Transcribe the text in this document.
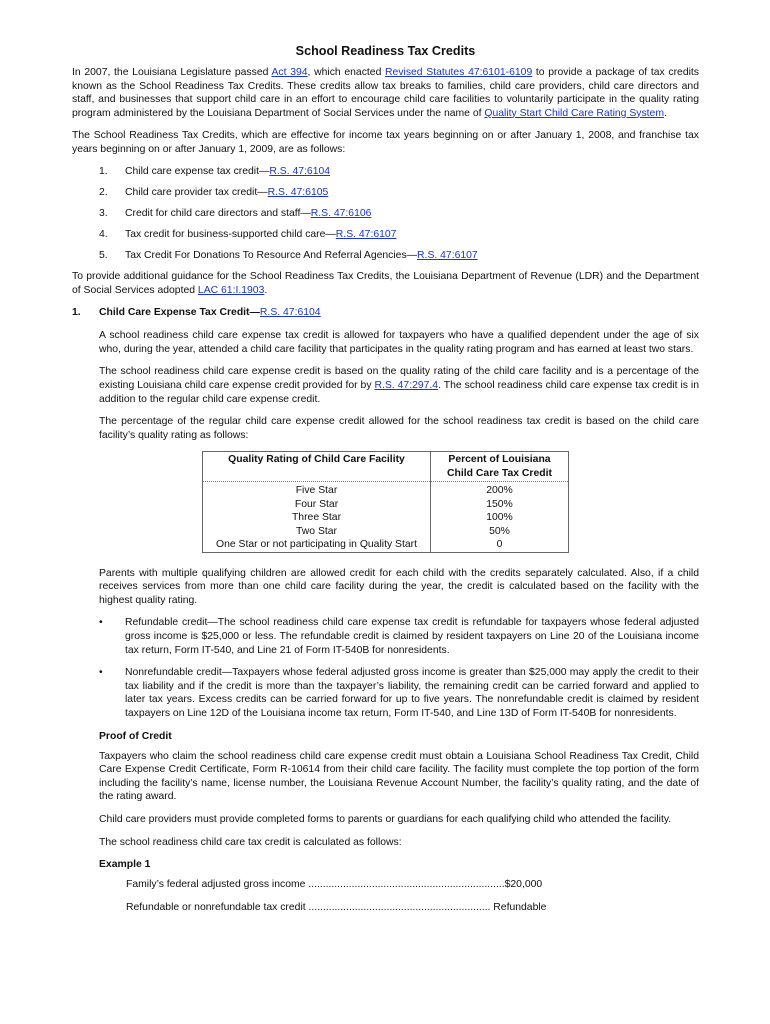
School Readiness Tax Credits

In 2007, the Louisiana Legislature passed Act 394, which enacted Revised Statutes 47:6101-6109 to provide a package of tax credits known as the School Readiness Tax Credits. These credits allow tax breaks to families, child care providers, child care directors and staff, and businesses that support child care in an effort to encourage child care facilities to voluntarily participate in the quality rating program administered by the Louisiana Department of Social Services under the name of Quality Start Child Care Rating System.

The School Readiness Tax Credits, which are effective for income tax years beginning on or after January 1, 2008, and franchise tax years beginning on or after January 1, 2009, are as follows:

1. Child care expense tax credit—R.S. 47:6104
2. Child care provider tax credit—R.S. 47:6105
3. Credit for child care directors and staff—R.S. 47:6106
4. Tax credit for business-supported child care—R.S. 47:6107
5. Tax Credit For Donations To Resource And Referral Agencies—R.S. 47:6107

To provide additional guidance for the School Readiness Tax Credits, the Louisiana Department of Revenue (LDR) and the Department of Social Services adopted LAC 61:I.1903.

1. Child Care Expense Tax Credit—R.S. 47:6104

A school readiness child care expense tax credit is allowed for taxpayers who have a qualified dependent under the age of six who, during the year, attended a child care facility that participates in the quality rating program and has earned at least two stars.

The school readiness child care expense credit is based on the quality rating of the child care facility and is a percentage of the existing Louisiana child care expense credit provided for by R.S. 47:297.4. The school readiness child care expense tax credit is in addition to the regular child care expense credit.

The percentage of the regular child care expense credit allowed for the school readiness tax credit is based on the child care facility’s quality rating as follows:

Quality Rating of Child Care Facility	Percent of Louisiana Child Care Tax Credit
Five Star	200%
Four Star	150%
Three Star	100%
Two Star	50%
One Star or not participating in Quality Start	0

Parents with multiple qualifying children are allowed credit for each child with the credits separately calculated. Also, if a child receives services from more than one child care facility during the year, the credit is calculated based on the facility with the highest quality rating.

• Refundable credit—The school readiness child care expense tax credit is refundable for taxpayers whose federal adjusted gross income is $25,000 or less. The refundable credit is claimed by resident taxpayers on Line 20 of the Louisiana income tax return, Form IT-540, and Line 21 of Form IT-540B for nonresidents.
• Nonrefundable credit—Taxpayers whose federal adjusted gross income is greater than $25,000 may apply the credit to their tax liability and if the credit is more than the taxpayer’s liability, the remaining credit can be carried forward and applied to later tax years. Excess credits can be carried forward for up to five years. The nonrefundable credit is claimed by resident taxpayers on Line 12D of the Louisiana income tax return, Form IT-540, and Line 13D of Form IT-540B for nonresidents.
Proof of Credit

Taxpayers who claim the school readiness child care expense credit must obtain a Louisiana School Readiness Tax Credit, Child Care Expense Credit Certificate, Form R-10614 from their child care facility. The facility must complete the top portion of the form including the facility’s name, license number, the Louisiana Revenue Account Number, the facility’s quality rating, and the date of the rating award.

Child care providers must provide completed forms to parents or guardians for each qualifying child who attended the facility.

The school readiness child care tax credit is calculated as follows:

Example 1
Family’s federal adjusted gross income ....................................................................$20,000
Refundable or nonrefundable tax credit ............................................................... Refundable
